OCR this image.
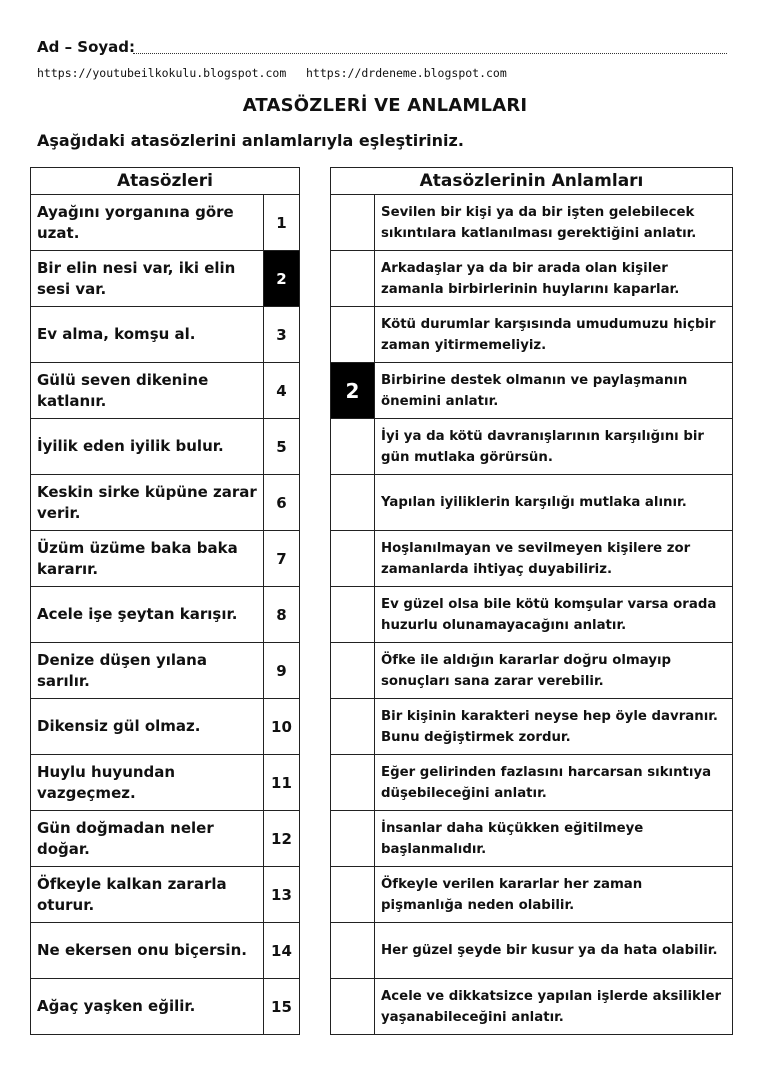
Ad – Soyad:
https://youtubeilkokulu.blogspot.com https://drdeneme.blogspot.com
ATASÖZLERİ VE ANLAMLARI
Aşağıdaki atasözlerini anlamlarıyla eşleştiriniz.
Atasözleri	
Ayağını yorganına göre uzat.	1
Bir elin nesi var, iki elin sesi var.	2
Ev alma, komşu al.	3
Gülü seven dikenine katlanır.	4
İyilik eden iyilik bulur.	5
Keskin sirke küpüne zarar verir.	6
Üzüm üzüme baka baka kararır.	7
Acele işe şeytan karışır.	8
Denize düşen yılana sarılır.	9
Dikensiz gül olmaz.	10
Huylu huyundan vazgeçmez.	11
Gün doğmadan neler doğar.	12
Öfkeyle kalkan zararla oturur.	13
Ne ekersen onu biçersin.	14
Ağaç yaşken eğilir.	15
Atasözlerinin Anlamları	
	Sevilen bir kişi ya da bir işten gelebilecek sıkıntılara katlanılması gerektiğini anlatır.
	Arkadaşlar ya da bir arada olan kişiler zamanla birbirlerinin huylarını kaparlar.
	Kötü durumlar karşısında umudumuzu hiçbir zaman yitirmemeliyiz.
2	Birbirine destek olmanın ve paylaşmanın önemini anlatır.
	İyi ya da kötü davranışlarının karşılığını bir gün mutlaka görürsün.
	Yapılan iyiliklerin karşılığı mutlaka alınır.
	Hoşlanılmayan ve sevilmeyen kişilere zor zamanlarda ihtiyaç duyabiliriz.
	Ev güzel olsa bile kötü komşular varsa orada huzurlu olunamayacağını anlatır.
	Öfke ile aldığın kararlar doğru olmayıp sonuçları sana zarar verebilir.
	Bir kişinin karakteri neyse hep öyle davranır. Bunu değiştirmek zordur.
	Eğer gelirinden fazlasını harcarsan sıkıntıya düşebileceğini anlatır.
	İnsanlar daha küçükken eğitilmeye başlanmalıdır.
	Öfkeyle verilen kararlar her zaman pişmanlığa neden olabilir.
	Her güzel şeyde bir kusur ya da hata olabilir.
	Acele ve dikkatsizce yapılan işlerde aksilikler yaşanabileceğini anlatır.
